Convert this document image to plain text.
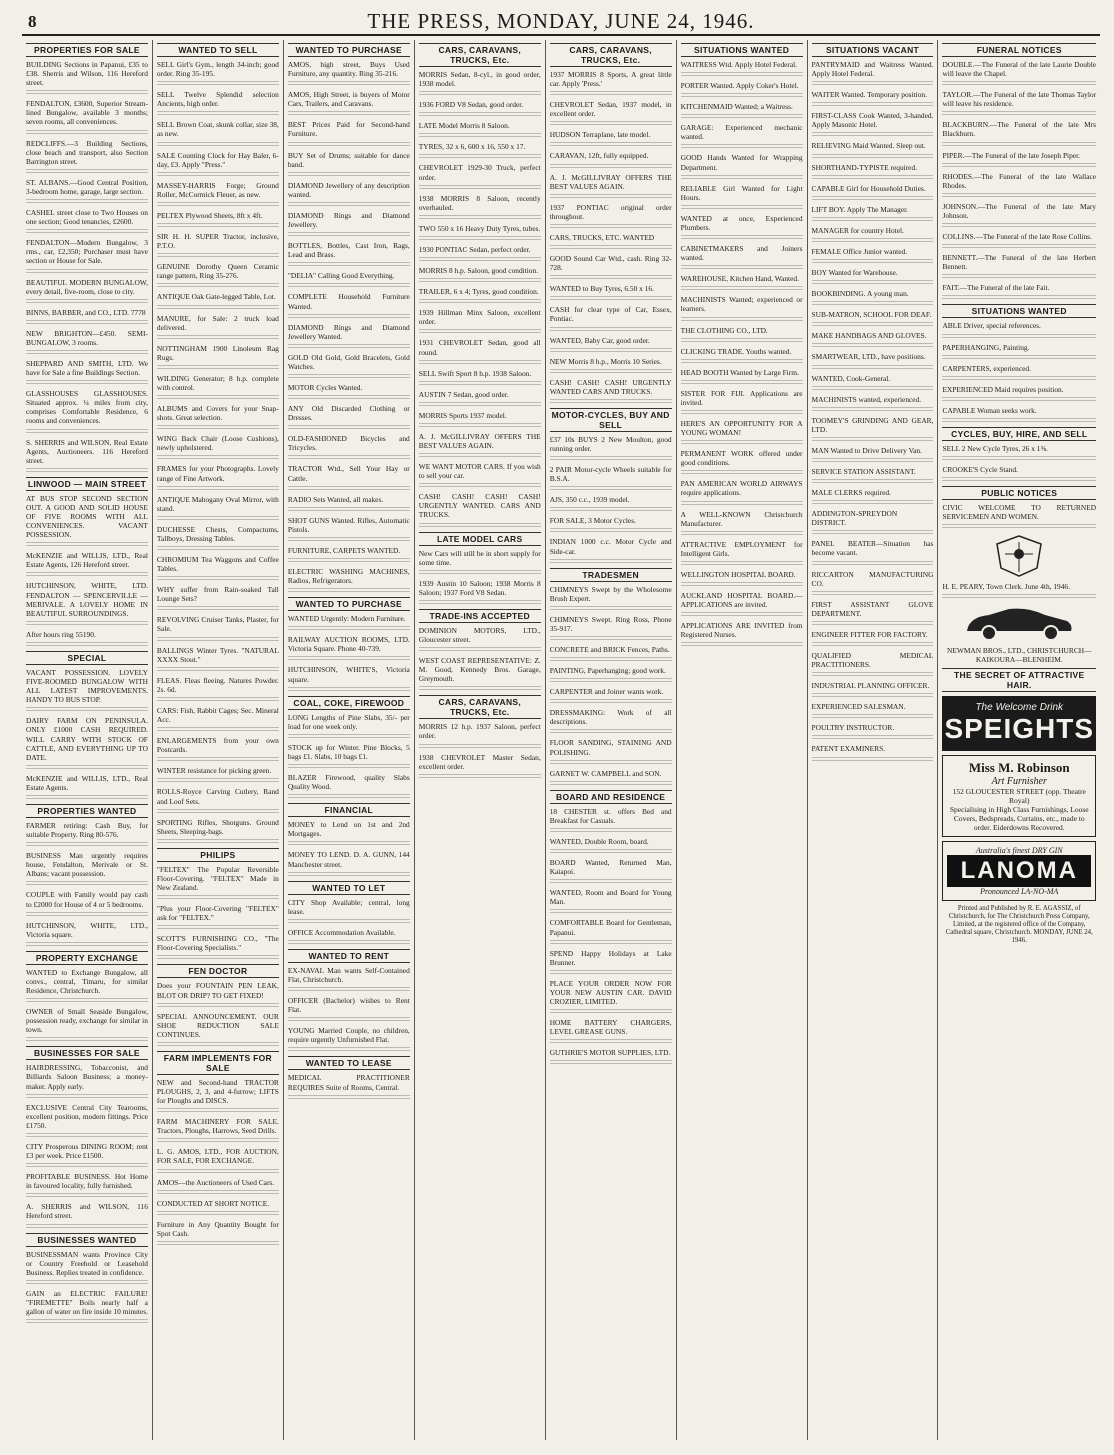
8	THE PRESS, MONDAY, JUNE 24, 1946.
PROPERTIES FOR SALE
BUILDING Sections in Papanui, £35 to £38. Sherris and Wilson, 116 Hereford street.
FENDALTON, £3600, Superior Stream-lined Bungalow, available 3 months; seven rooms, all conveniences.
REDCLIFFS.—3 Building Sections, close beach and transport, also Section Barrington street.
ST. ALBANS.—Good Central Position, 3-bedroom home, garage, large section.
CASHEL street close to Two Houses on one section; Good tenancies, £2600.
FENDALTON—Modern Bungalow, 3 rms., car, £2,350; Purchaser must have section or House for Sale.
BEAUTIFUL MODERN BUNGALOW, every detail, five-room, close to city.
BINNS, BARBER, and CO., LTD. 7778
NEW BRIGHTON—£450. SEMI-BUNGALOW, 3 rooms.
SHEPPARD AND SMITH, LTD. We have for Sale a fine Buildings Section.
GLASSHOUSES GLASSHOUSES. Situated approx. ¼ miles from city, comprises Comfortable Residence, 6 rooms and conveniences.
S. SHERRIS and WILSON, Real Estate Agents, Auctioneers. 116 Hereford street.
LINWOOD — MAIN STREET
AT BUS STOP SECOND SECTION OUT. A GOOD AND SOLID HOUSE OF FIVE ROOMS WITH ALL CONVENIENCES. VACANT POSSESSION.
McKENZIE and WILLIS, LTD., Real Estate Agents, 126 Hereford street.
HUTCHINSON, WHITE, LTD. FENDALTON — SPENCERVILLE — MERIVALE. A LOVELY HOME IN BEAUTIFUL SURROUNDINGS.
After hours ring 55190.
SPECIAL
VACANT POSSESSION. LOVELY FIVE-ROOMED BUNGALOW WITH ALL LATEST IMPROVEMENTS. HANDY TO BUS STOP.
DAIRY FARM ON PENINSULA. ONLY £1000 CASH REQUIRED. WILL CARRY WITH STOCK OF CATTLE, AND EVERYTHING UP TO DATE.
McKENZIE and WILLIS, LTD., Real Estate Agents.
PROPERTIES WANTED
FARMER retiring: Cash Buy, for suitable Property. Ring 80-576.
BUSINESS Man urgently requires house, Fendalton, Merivale or St. Albans; vacant possession.
COUPLE with Family would pay cash to £2000 for House of 4 or 5 bedrooms.
HUTCHINSON, WHITE, LTD., Victoria square.
PROPERTY EXCHANGE
WANTED to Exchange Bungalow, all convs., central, Timaru, for similar Residence, Christchurch.
OWNER of Small Seaside Bungalow, possession ready, exchange for similar in town.
BUSINESSES FOR SALE
HAIRDRESSING, Tobacconist, and Billiards Saloon Business; a money-maker. Apply early.
EXCLUSIVE Central City Tearooms, excellent position, modern fittings. Price £1750.
CITY Prosperous DINING ROOM; rent £3 per week. Price £1500.
PROFITABLE BUSINESS. Hot Home in favoured locality, fully furnished.
A. SHERRIS and WILSON, 116 Hereford street.
BUSINESSES WANTED
BUSINESSMAN wants Province City or Country Freehold or Leasehold Business. Replies treated in confidence.
GAIN an ELECTRIC FAILURE! "FIREMETTE" Boils nearly half a gallon of water on fire inside 10 minutes.
WANTED TO SELL
SELL Girl's Gym., length 34-inch; good order. Ring 35-195.
SELL Twelve Splendid selection Ancients, high order.
SELL Brown Coat, skunk collar, size 38, as new.
SALE Counting Clock for Hay Baler, 6-day, £3. Apply "Press."
MASSEY-HARRIS Forge; Ground Roller, McCormick Fleuer, as new.
PELTEX Plywood Sheets, 8ft x 4ft.
SIR H. H. SUPER Tractor, inclusive, P.T.O.
GENUINE Dorothy Queen Ceramic range pattern, Ring 35-276.
ANTIQUE Oak Gate-legged Table, Lot.
MANURE, for Sale: 2 truck load delivered.
NOTTINGHAM 1900 Linoleum Rag Rugs.
WILDING Generator; 8 h.p. complete with control.
ALBUMS and Covers for your Snap-shots. Great selection.
WING Back Chair (Loose Cushions), newly upholstered.
FRAMES for your Photographs. Lovely range of Fine Artwork.
ANTIQUE Mahogany Oval Mirror, with stand.
DUCHESSE Chests, Compactums, Tallboys, Dressing Tables.
CHROMIUM Tea Waggons and Coffee Tables.
WHY suffer from Rain-soaked Tall Lounge Sets?
REVOLVING Cruiser Tanks, Plaster, for Sale.
BALLINGS Winter Tyres. "NATURAL XXXX Stout."
FLEAS. Fleas fleeing. Natures Powder. 2s. 6d.
CARS: Fish, Rabbit Cages; Sec. Mineral Acc.
ENLARGEMENTS from your own Postcards.
WINTER resistance for picking green.
ROLLS-Royce Carving Cutlery, Rand and Loof Sets.
SPORTING Rifles, Shotguns. Ground Sheets, Sleeping-bags.
PHILIPS
"FELTEX" The Popular Reversible Floor-Covering. "FELTEX" Made in New Zealand.
"Plus your Floor-Covering "FELTEX" ask for "FELTEX."
SCOTT'S FURNISHING CO., "The Floor-Covering Specialists."
FEN DOCTOR
Does your FOUNTAIN PEN LEAK, BLOT OR DRIP? TO GET FIXED!
SPECIAL ANNOUNCEMENT. OUR SHOE REDUCTION SALE CONTINUES.
FARM IMPLEMENTS FOR SALE
NEW and Second-hand TRACTOR PLOUGHS, 2, 3, and 4-furrow; LIFTS for Ploughs and DISCS.
FARM MACHINERY FOR SALE. Tractors, Ploughs, Harrows, Seed Drills.
L. G. AMOS, LTD., FOR AUCTION, FOR SALE, FOR EXCHANGE.
AMOS—the Auctioneers of Used Cars.
CONDUCTED AT SHORT NOTICE.
Furniture in Any Quantity Bought for Spot Cash.
WANTED TO PURCHASE
AMOS, high street, Buys Used Furniture, any quantity. Ring 35-216.
AMOS, High Street, is buyers of Motor Cars, Trailers, and Caravans.
BEST Prices Paid for Second-hand Furniture.
BUY Set of Drums; suitable for dance band.
DIAMOND Jewellery of any description wanted.
DIAMOND Rings and Diamond Jewellery.
BOTTLES, Bottles, Cast Iron, Rags, Lead and Brass.
"DELIA" Calling Good Everything.
COMPLETE Household Furniture Wanted.
DIAMOND Rings and Diamond Jewellery Wanted.
GOLD Old Gold, Gold Bracelets, Gold Watches.
MOTOR Cycles Wanted.
ANY Old Discarded Clothing or Dresses.
OLD-FASHIONED Bicycles and Tricycles.
TRACTOR Wtd., Sell Your Hay or Cattle.
RADIO Sets Wanted, all makes.
SHOT GUNS Wanted. Rifles, Automatic Pistols.
FURNITURE, CARPETS WANTED.
ELECTRIC WASHING MACHINES, Radios, Refrigerators.
WANTED TO PURCHASE
WANTED Urgently: Modern Furniture.
RAILWAY AUCTION ROOMS, LTD. Victoria Square. Phone 40-739.
HUTCHINSON, WHITE'S, Victoria square.
COAL, COKE, FIREWOOD
LONG Lengths of Pine Slabs, 35/- per load for one week only.
STOCK up for Winter. Pine Blocks, 5 bags £1. Slabs, 10 bags £1.
BLAZER Firewood, quality Slabs Quality Wood.
FINANCIAL
MONEY to Lend on 1st and 2nd Mortgages.
MONEY TO LEND. D. A. GUNN, 144 Manchester street.
WANTED TO LET
CITY Shop Available; central, long lease.
OFFICE Accommodation Available.
WANTED TO RENT
EX-NAVAL Man wants Self-Contained Flat, Christchurch.
OFFICER (Bachelor) wishes to Rent Flat.
YOUNG Married Couple, no children, require urgently Unfurnished Flat.
WANTED TO LEASE
MEDICAL PRACTITIONER REQUIRES Suite of Rooms, Central.
CARS, CARAVANS, TRUCKS, Etc.
MORRIS Sedan, 8-cyl., in good order, 1938 model.
1936 FORD V8 Sedan, good order.
LATE Model Morris 8 Saloon.
TYRES, 32 x 6, 600 x 16, 550 x 17.
CHEVROLET 1929-30 Truck, perfect order.
1938 MORRIS 8 Saloon, recently overhauled.
TWO 550 x 16 Heavy Duty Tyres, tubes.
1930 PONTIAC Sedan, perfect order.
MORRIS 8 h.p. Saloon, good condition.
TRAILER, 6 x 4; Tyres, good condition.
1939 Hillman Minx Saloon, excellent order.
1931 CHEVROLET Sedan, good all round.
SELL Swift Sport 8 h.p. 1938 Saloon.
AUSTIN 7 Sedan, good order.
MORRIS Sports 1937 model.
A. J. McGILLIVRAY OFFERS THE BEST VALUES AGAIN.
WE WANT MOTOR CARS. If you wish to sell your car.
CASH! CASH! CASH! CASH! URGENTLY WANTED. CARS AND TRUCKS.
LATE MODEL CARS
New Cars will still be in short supply for some time.
1939 Austin 10 Saloon; 1938 Morris 8 Saloon; 1937 Ford V8 Sedan.
TRADE-INS ACCEPTED
DOMINION MOTORS, LTD., Gloucester street.
WEST COAST REPRESENTATIVE: Z. M. Good, Kennedy Bros. Garage, Greymouth.
CARS, CARAVANS, TRUCKS, Etc.
MORRIS 12 h.p. 1937 Saloon, perfect order.
1938 CHEVROLET Master Sedan, excellent order.
CARS, CARAVANS, TRUCKS, Etc.
1937 MORRIS 8 Sports, A great little car. Apply 'Press.'
CHEVROLET Sedan, 1937 model, in excellent order.
HUDSON Terraplane, late model.
CARAVAN, 12ft, fully equipped.
A. J. McGILLIVRAY OFFERS THE BEST VALUES AGAIN.
1937 PONTIAC original order throughout.
CARS, TRUCKS, ETC. WANTED
GOOD Sound Car Wtd., cash. Ring 32-728.
WANTED to Buy Tyres, 6.50 x 16.
CASH for clear type of Car, Essex, Pontiac.
WANTED, Baby Car, good order.
NEW Morris 8 h.p., Morris 10 Series.
CASH! CASH! CASH! URGENTLY WANTED CARS AND TRUCKS.
MOTOR-CYCLES, BUY AND SELL
£37 10s BUYS 2 New Moulton, good running order.
2 PAIR Motor-cycle Wheels suitable for B.S.A.
AJS, 350 c.c., 1939 model.
FOR SALE, 3 Motor Cycles.
INDIAN 1000 c.c. Motor Cycle and Side-car.
TRADESMEN
CHIMNEYS Swept by the Wholesome Brush Expert.
CHIMNEYS Swept. Ring Ross, Phone 35-917.
CONCRETE and BRICK Fences, Paths.
PAINTING, Paperhanging; good work.
CARPENTER and Joiner wants work.
DRESSMAKING: Work of all descriptions.
FLOOR SANDING, STAINING AND POLISHING.
GARNET W. CAMPBELL and SON.
BOARD AND RESIDENCE
18 CHESTER st. offers Bed and Breakfast for Casuals.
WANTED, Double Room, board.
BOARD Wanted, Returned Man, Kaiapoi.
WANTED, Room and Board for Young Man.
COMFORTABLE Board for Gentleman, Papanui.
SPEND Happy Holidays at Lake Brunner.
PLACE YOUR ORDER NOW FOR YOUR NEW AUSTIN CAR. DAVID CROZIER, LIMITED.
HOME BATTERY CHARGERS, LEVEL GREASE GUNS.
GUTHRIE'S MOTOR SUPPLIES, LTD.
SITUATIONS WANTED
WAITRESS Wtd. Apply Hotel Federal.
PORTER Wanted. Apply Coker's Hotel.
KITCHENMAID Wanted; a Waitress.
GARAGE: Experienced mechanic wanted.
GOOD Hands Wanted for Wrapping Department.
RELIABLE Girl Wanted for Light Hours.
WANTED at once, Experienced Plumbers.
CABINETMAKERS and Joiners wanted.
WAREHOUSE, Kitchen Hand, Wanted.
MACHINISTS Wanted; experienced or learners.
THE CLOTHING CO., LTD.
CLICKING TRADE. Youths wanted.
HEAD BOOTH Wanted by Large Firm.
SISTER FOR FIJI. Applications are invited.
HERE'S AN OPPORTUNITY FOR A YOUNG WOMAN!
PERMANENT WORK offered under good conditions.
PAN AMERICAN WORLD AIRWAYS require applications.
A WELL-KNOWN Christchurch Manufacturer.
ATTRACTIVE EMPLOYMENT for Intelligent Girls.
WELLINGTON HOSPITAL BOARD.
AUCKLAND HOSPITAL BOARD.—APPLICATIONS are invited.
APPLICATIONS ARE INVITED from Registered Nurses.
SITUATIONS VACANT
PANTRYMAID and Waitress Wanted. Apply Hotel Federal.
WAITER Wanted. Temporary position.
FIRST-CLASS Cook Wanted, 3-handed. Apply Masonic Hotel.
RELIEVING Maid Wanted. Sleep out.
SHORTHAND-TYPISTE required.
CAPABLE Girl for Household Duties.
LIFT BOY. Apply The Manager.
MANAGER for country Hotel.
FEMALE Office Junior wanted.
BOY Wanted for Warehouse.
BOOKBINDING. A young man.
SUB-MATRON, SCHOOL FOR DEAF.
MAKE HANDBAGS AND GLOVES.
SMARTWEAR, LTD., have positions.
WANTED, Cook-General.
MACHINISTS wanted, experienced.
TOOMEY'S GRINDING AND GEAR, LTD.
MAN Wanted to Drive Delivery Van.
SERVICE STATION ASSISTANT.
MALE CLERKS required.
ADDINGTON-SPREYDON DISTRICT.
PANEL BEATER—Situation has become vacant.
RICCARTON MANUFACTURING CO.
FIRST ASSISTANT GLOVE DEPARTMENT.
ENGINEER FITTER FOR FACTORY.
QUALIFIED MEDICAL PRACTITIONERS.
INDUSTRIAL PLANNING OFFICER.
EXPERIENCED SALESMAN.
POULTRY INSTRUCTOR.
PATENT EXAMINERS.
FUNERAL NOTICES
DOUBLE.—The Funeral of the late Laurie Double will leave the Chapel.
TAYLOR.—The Funeral of the late Thomas Taylor will leave his residence.
BLACKBURN.—The Funeral of the late Mrs Blackburn.
PIPER.—The Funeral of the late Joseph Piper.
RHODES.—The Funeral of the late Wallace Rhodes.
JOHNSON.—The Funeral of the late Mary Johnson.
COLLINS.—The Funeral of the late Rose Collins.
BENNETT.—The Funeral of the late Herbert Bennett.
FAIT.—The Funeral of the late Fait.
SITUATIONS WANTED
ABLE Driver, special references.
PAPERHANGING, Painting.
CARPENTERS, experienced.
EXPERIENCED Maid requires position.
CAPABLE Woman seeks work.
CYCLES, BUY, HIRE, AND SELL
SELL 2 New Cycle Tyres, 26 x 1⅜.
CROOKE'S Cycle Stand.
PUBLIC NOTICES
CIVIC WELCOME TO RETURNED SERVICEMEN AND WOMEN.
H. E. PEARY, Town Clerk. June 4th, 1946.
NEWMAN BROS., LTD., CHRISTCHURCH—KAIKOURA—BLENHEIM.
THE SECRET OF ATTRACTIVE HAIR.
The Welcome Drink
SPEIGHTS
Miss M. Robinson
Art Furnisher
152 GLOUCESTER STREET (opp. Theatre Royal)
Specialising in High Class Furnishings, Loose Covers, Bedspreads, Curtains, etc., made to order. Eiderdowns Recovered.
Australia's finest DRY GIN
LANOMA
Pronounced LA-NO-MA
Printed and Published by R. E. AGASSIZ, of Christchurch, for The Christchurch Press Company, Limited, at the registered office of the Company, Cathedral square, Christchurch. MONDAY, JUNE 24, 1946.
